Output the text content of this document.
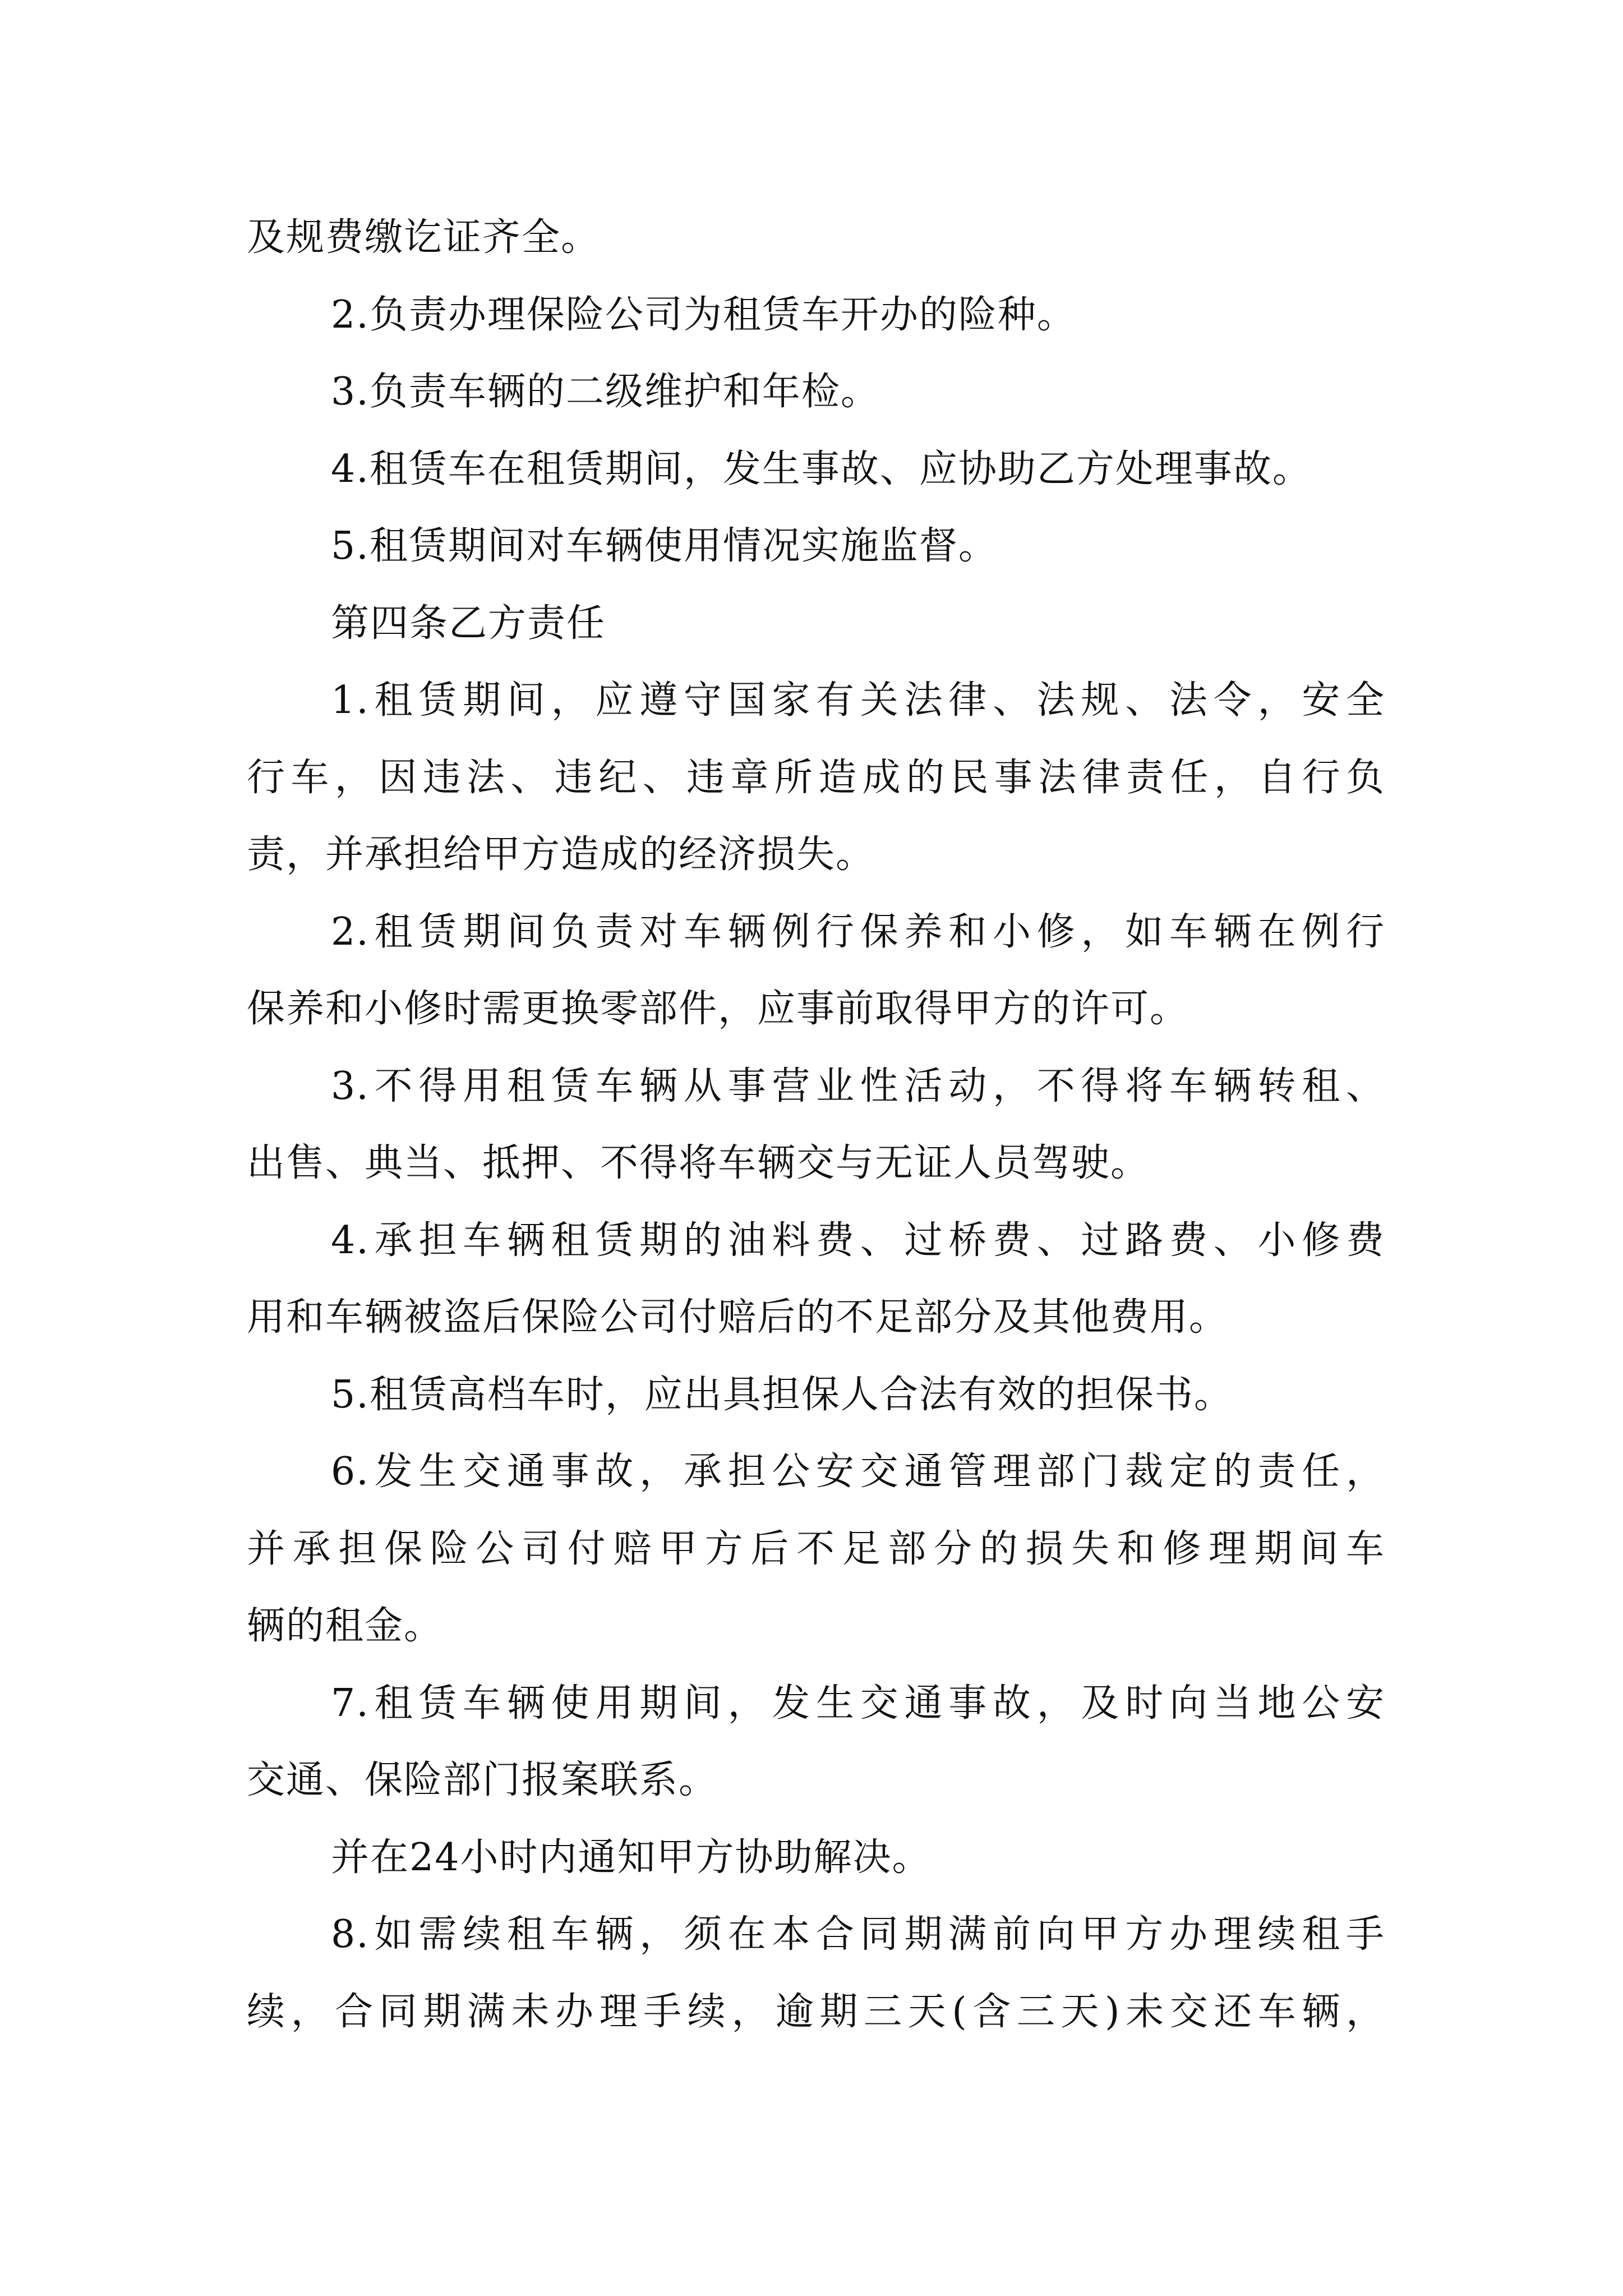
及规费缴讫证齐全。
2.负责办理保险公司为租赁车开办的险种。
3.负责车辆的二级维护和年检。
4.租赁车在租赁期间，发生事故、应协助乙方处理事故。
5.租赁期间对车辆使用情况实施监督。
第四条乙方责任
1.租赁期间，应遵守国家有关法律、法规、法令，安全
行车，因违法、违纪、违章所造成的民事法律责任，自行负
责，并承担给甲方造成的经济损失。
2.租赁期间负责对车辆例行保养和小修，如车辆在例行
保养和小修时需更换零部件，应事前取得甲方的许可。
3.不得用租赁车辆从事营业性活动，不得将车辆转租、
出售、典当、抵押、不得将车辆交与无证人员驾驶。
4.承担车辆租赁期的油料费、过桥费、过路费、小修费
用和车辆被盗后保险公司付赔后的不足部分及其他费用。
5.租赁高档车时，应出具担保人合法有效的担保书。
6.发生交通事故，承担公安交通管理部门裁定的责任，
并承担保险公司付赔甲方后不足部分的损失和修理期间车
辆的租金。
7.租赁车辆使用期间，发生交通事故，及时向当地公安
交通、保险部门报案联系。
并在24小时内通知甲方协助解决。
8.如需续租车辆，须在本合同期满前向甲方办理续租手
续，合同期满未办理手续，逾期三天(含三天)未交还车辆，
